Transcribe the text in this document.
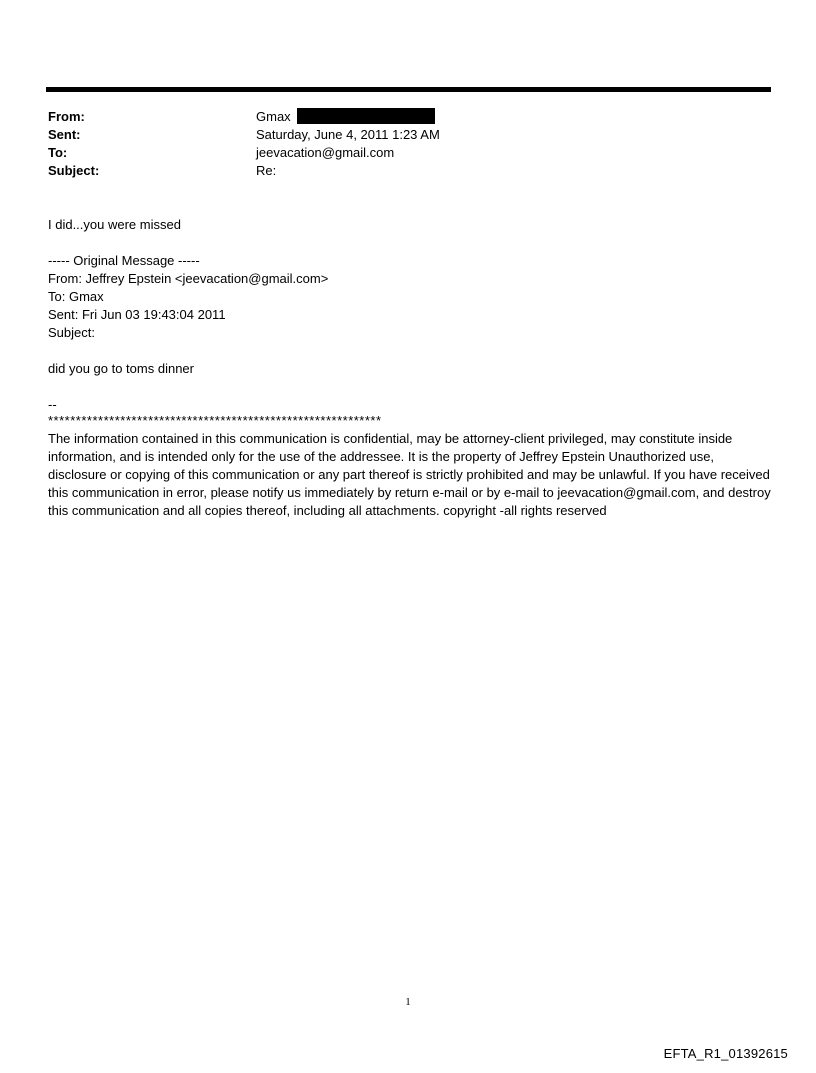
From:	Gmax
Sent:	Saturday, June 4, 2011 1:23 AM
To:	jeevacation@gmail.com
Subject:	Re:
I did...you were missed
----- Original Message -----
From: Jeffrey Epstein <jeevacation@gmail.com>
To: Gmax
Sent: Fri Jun 03 19:43:04 2011
Subject:
did you go to toms dinner
--
************************************************************
The information contained in this communication is confidential, may be attorney-client privileged, may constitute inside information, and is intended only for the use of the addressee. It is the property of Jeffrey Epstein Unauthorized use, disclosure or copying of this communication or any part thereof is strictly prohibited and may be unlawful. If you have received this communication in error, please notify us immediately by return e-mail or by e-mail to jeevacation@gmail.com, and destroy this communication and all copies thereof, including all attachments. copyright -all rights reserved
1
EFTA_R1_01392615
